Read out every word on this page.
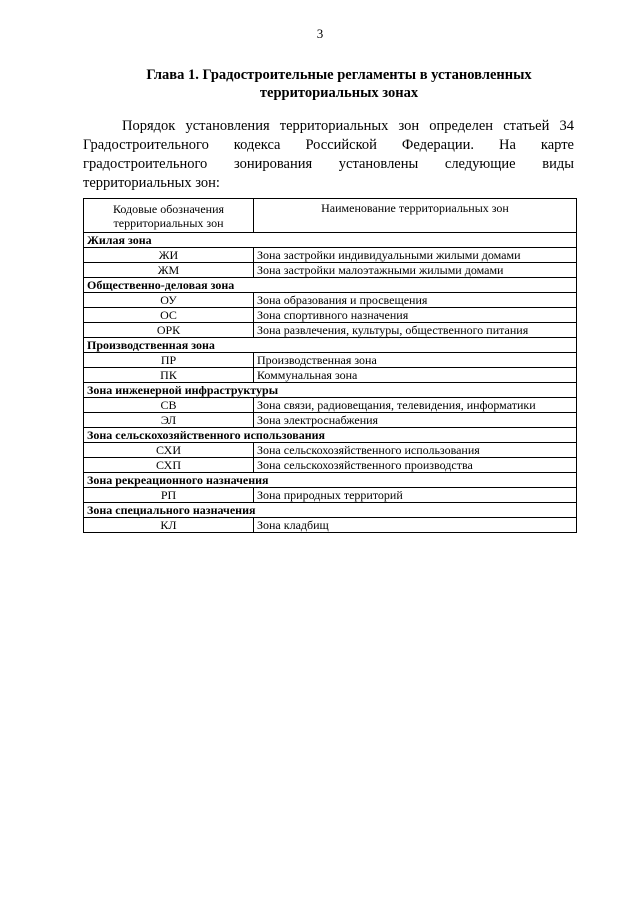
3
Глава 1. Градостроительные регламенты в установленных территориальных зонах

Порядок установления территориальных зон определен статьей 34 Градостроительного кодекса Российской Федерации. На карте градостроительного зонирования установлены следующие виды территориальных зон:

Кодовые обозначения территориальных зон	Наименование территориальных зон
Жилая зона	
ЖИ	Зона застройки индивидуальными жилыми домами
ЖМ	Зона застройки малоэтажными жилыми домами
Общественно-деловая зона	
ОУ	Зона образования и просвещения
ОС	Зона спортивного назначения
ОРК	Зона развлечения, культуры, общественного питания
Производственная зона	
ПР	Производственная зона
ПК	Коммунальная зона
Зона инженерной инфраструктуры	
СВ	Зона связи, радиовещания, телевидения, информатики
ЭЛ	Зона электроснабжения
Зона сельскохозяйственного использования	
СХИ	Зона сельскохозяйственного использования
СХП	Зона сельскохозяйственного производства
Зона рекреационного назначения	
РП	Зона природных территорий
Зона специального назначения	
КЛ	Зона кладбищ
